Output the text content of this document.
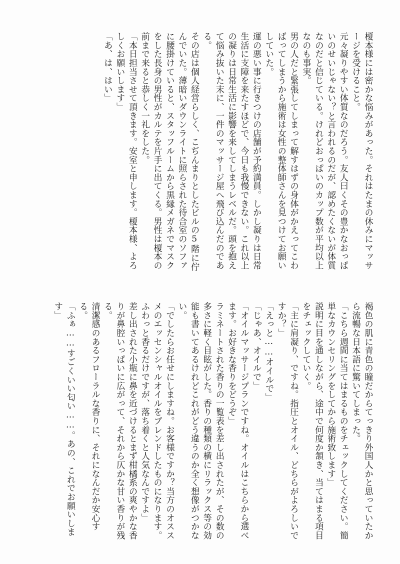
榎本様には密かな悩みがあった。それはたまの休みにマッサージを受けること。

元々凝りやすい体質なのだろう。友人曰くその豊かなおっぱいのせいじゃない？と言われるのだが、認めたくないが体質なのだと信じている。けれどおっぱいのカップ数が平均以上なのも事実。

男の人だと緊張してしまって解すはずの身体がかえってこわばってしまうから施術は女性の整体師さんを見つけてお願いしていた。

運の悪い事に行きつけの店舗が予約満員。しかし凝りは日常生活に支障を来たすほどで、今日も我慢できない。これ以上の凝りは日常生活に影響を来してしまうレベルだ。頭を抱えて悩み抜いた末に、一件のマッサージ屋へ飛び込んだのである。

その店は個人経営らしく、こぢんまりとしたビルの5階に佇んでいた。薄暗いダウンライトに照らされた待合室のソファに腰掛けていると、スタッフルームから黒縁メガネでマスクをした長身の男性がカルテを片手に出てくる。男性は榎本の前まで来ると恭しく一礼をした。

「本日担当させて頂きます。安室と申します。榎本様、よろしくお願いします」

「あ、は、はい」

褐色の肌に青色の瞳だからてっきり外国人かと思っていたから流暢な日本語に驚いてしまった。

「こちら週間に当てはまるものをチェックしてください。簡単なカウンセリングをしてから施術致します」

説明に目を通しながら、途中で何度か頷き、当てはまる項目をチェックしていく。

「主に肩凝り、ですね。指圧とオイル、どちらがよろしいですか？」

「えっと……オイルで」

「じゃあ、オイルで」

「オイルマッサージプランですね。オイルはこちらから選べます。お好きな香りをどうぞ」

ラミネートされた香りの一覧表を差し出されたが、その数の多さに軽く目眩がした。香りの種類の横にリラックス等の効能も書いてあるけれどこれがどう違うのか全く想像がつかない。

「でしたらお任せにしますね。お客様ですか？当方のオススメのエッセンシャルオイルをブレンドしたものになります。ふわっと香るだけですが、落ち着くと人気なんですよ」

差し出された小瓶に鼻を近づけるとまず柑橘系の爽やかな香りが鼻腔いっぱいに広がって、それから仄かな甘い香りが残る。

清潔感のあるフローラルな香りに、それになんだか安心する。

「ふぁ……すごくいい匂い……。あの、これでお願いします」
